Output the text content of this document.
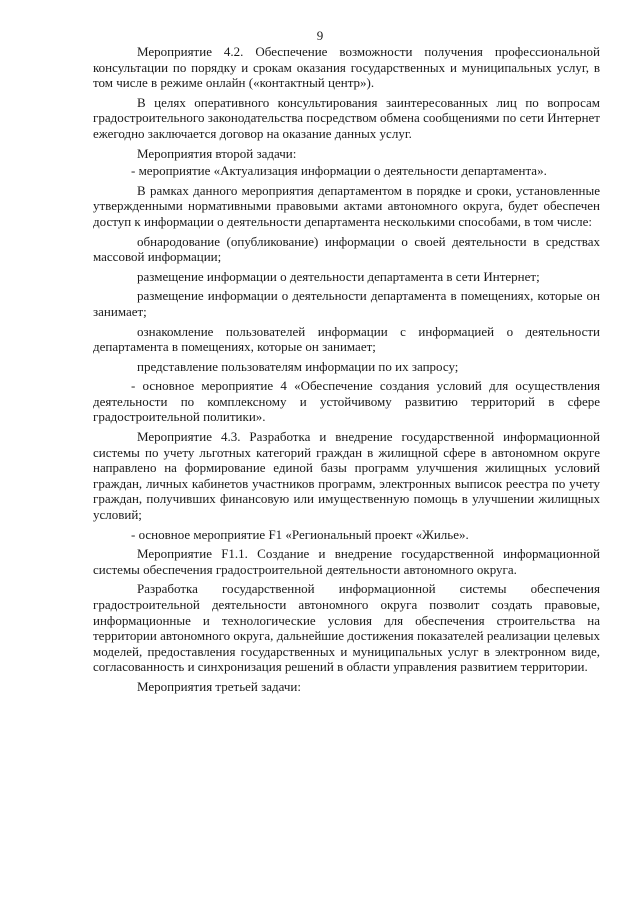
9

Мероприятие 4.2. Обеспечение возможности получения профессиональной консультации по порядку и срокам оказания государственных и муниципальных услуг, в том числе в режиме онлайн («контактный центр»).

В целях оперативного консультирования заинтересованных лиц по вопросам градостроительного законодательства посредством обмена сообщениями по сети Интернет ежегодно заключается договор на оказание данных услуг.

Мероприятия второй задачи:

- мероприятие «Актуализация информации о деятельности департамента».

В рамках данного мероприятия департаментом в порядке и сроки, установленные утвержденными нормативными правовыми актами автономного округа, будет обеспечен доступ к информации о деятельности департамента несколькими способами, в том числе:

обнародование (опубликование) информации о своей деятельности в средствах массовой информации;

размещение информации о деятельности департамента в сети Интернет;

размещение информации о деятельности департамента в помещениях, которые он занимает;

ознакомление пользователей информации с информацией о деятельности департамента в помещениях, которые он занимает;

представление пользователям информации по их запросу;

- основное мероприятие 4 «Обеспечение создания условий для осуществления деятельности по комплексному и устойчивому развитию территорий в сфере градостроительной политики».

Мероприятие 4.3. Разработка и внедрение государственной информационной системы по учету льготных категорий граждан в жилищной сфере в автономном округе направлено на формирование единой базы программ улучшения жилищных условий граждан, личных кабинетов участников программ, электронных выписок реестра по учету граждан, получивших финансовую или имущественную помощь в улучшении жилищных условий;

- основное мероприятие F1 «Региональный проект «Жилье».

Мероприятие F1.1. Создание и внедрение государственной информационной системы обеспечения градостроительной деятельности автономного округа.

Разработка государственной информационной системы обеспечения градостроительной деятельности автономного округа позволит создать правовые, информационные и технологические условия для обеспечения строительства на территории автономного округа, дальнейшие достижения показателей реализации целевых моделей, предоставления государственных и муниципальных услуг в электронном виде, согласованность и синхронизация решений в области управления развитием территории.

Мероприятия третьей задачи:
